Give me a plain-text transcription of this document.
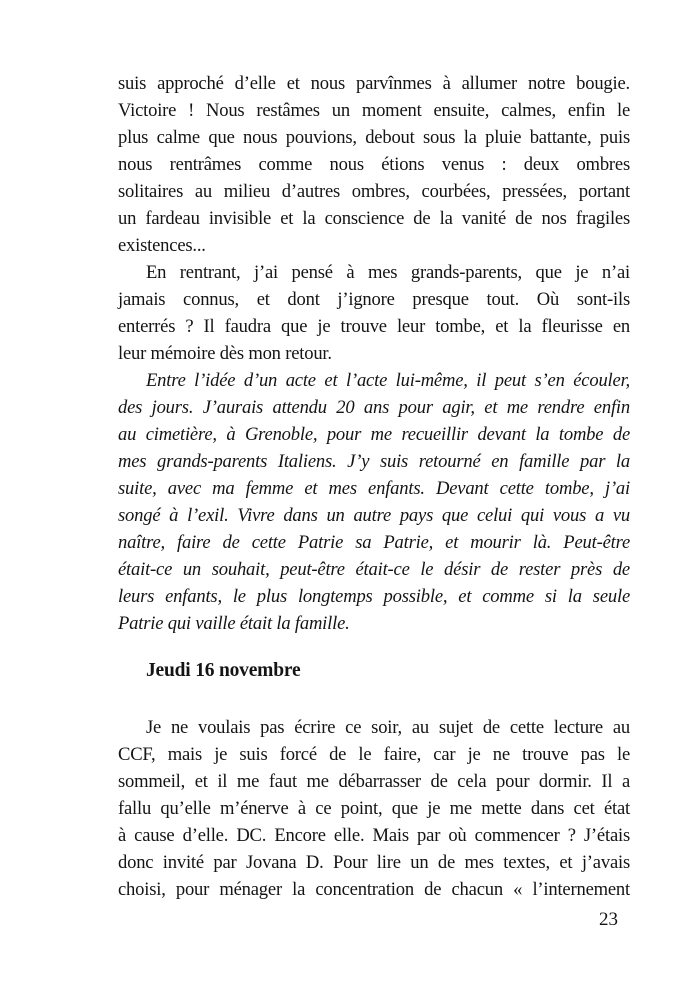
suis approché d’elle et nous parvînmes à allumer notre bougie.
Victoire ! Nous restâmes un moment ensuite, calmes, enfin le
plus calme que nous pouvions, debout sous la pluie battante, puis
nous rentrâmes comme nous étions venus : deux ombres
solitaires au milieu d’autres ombres, courbées, pressées, portant
un fardeau invisible et la conscience de la vanité de nos fragiles
existences...

En rentrant, j’ai pensé à mes grands-parents, que je n’ai
jamais connus, et dont j’ignore presque tout. Où sont-ils
enterrés ? Il faudra que je trouve leur tombe, et la fleurisse en
leur mémoire dès mon retour.

Entre l’idée d’un acte et l’acte lui-même, il peut s’en écouler,
des jours. J’aurais attendu 20 ans pour agir, et me rendre enfin
au cimetière, à Grenoble, pour me recueillir devant la tombe de
mes grands-parents Italiens. J’y suis retourné en famille par la
suite, avec ma femme et mes enfants. Devant cette tombe, j’ai
songé à l’exil. Vivre dans un autre pays que celui qui vous a vu
naître, faire de cette Patrie sa Patrie, et mourir là. Peut-être
était-ce un souhait, peut-être était-ce le désir de rester près de
leurs enfants, le plus longtemps possible, et comme si la seule
Patrie qui vaille était la famille.

Jeudi 16 novembre

Je ne voulais pas écrire ce soir, au sujet de cette lecture au
CCF, mais je suis forcé de le faire, car je ne trouve pas le
sommeil, et il me faut me débarrasser de cela pour dormir. Il a
fallu qu’elle m’énerve à ce point, que je me mette dans cet état
à cause d’elle. DC. Encore elle. Mais par où commencer ? J’étais
donc invité par Jovana D. Pour lire un de mes textes, et j’avais
choisi, pour ménager la concentration de chacun « l’internement

23
